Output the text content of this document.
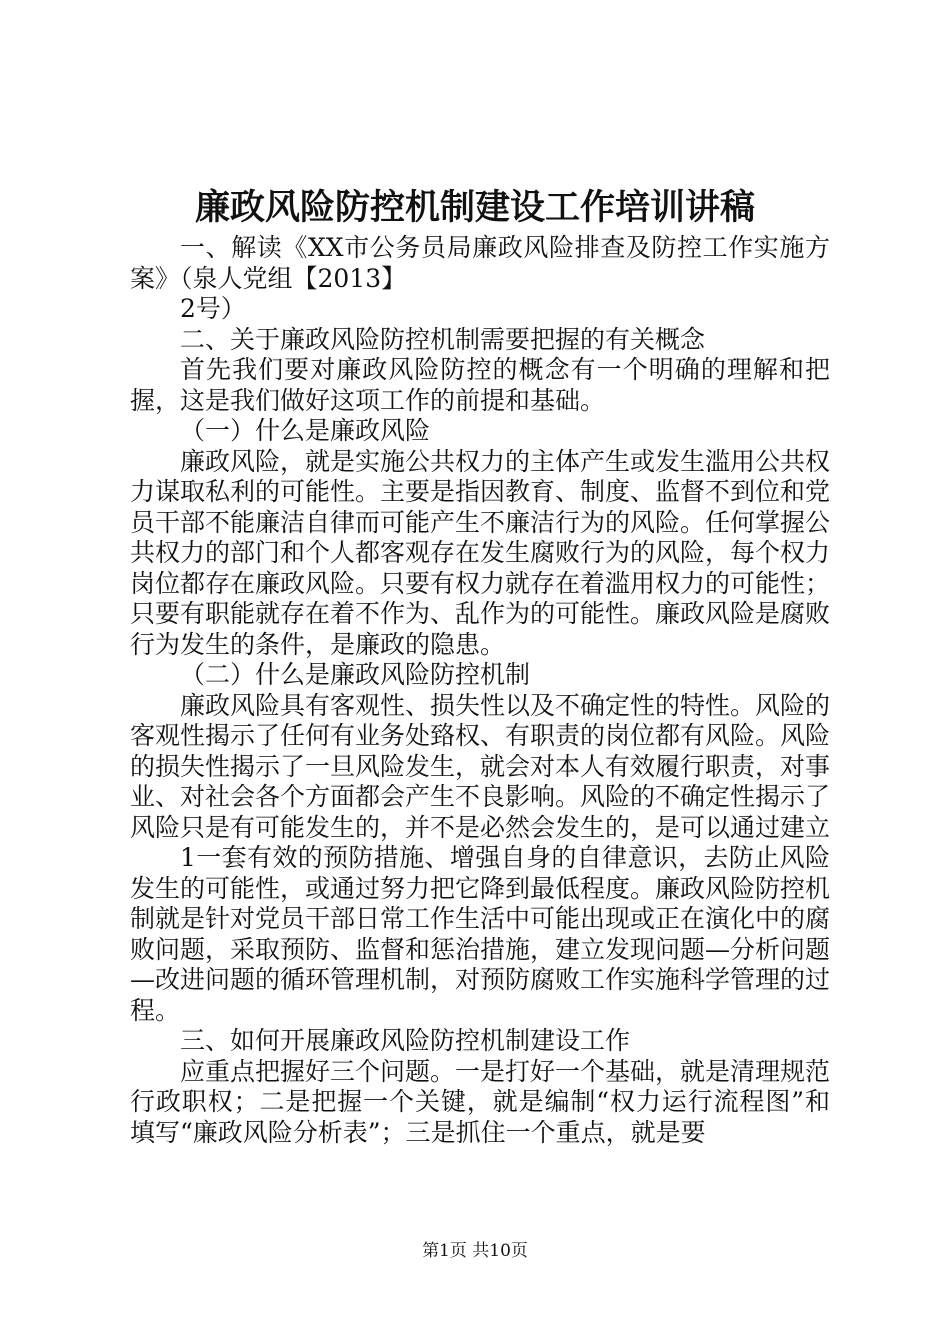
廉政风险防控机制建设工作培训讲稿

一、解读《XX市公务员局廉政风险排查及防控工作实施方案》（泉人党组【2013】

2号）

二、关于廉政风险防控机制需要把握的有关概念

首先我们要对廉政风险防控的概念有一个明确的理解和把握，这是我们做好这项工作的前提和基础。

（一）什么是廉政风险

廉政风险，就是实施公共权力的主体产生或发生滥用公共权力谋取私利的可能性。主要是指因教育、制度、监督不到位和党员干部不能廉洁自律而可能产生不廉洁行为的风险。任何掌握公共权力的部门和个人都客观存在发生腐败行为的风险，每个权力岗位都存在廉政风险。只要有权力就存在着滥用权力的可能性；只要有职能就存在着不作为、乱作为的可能性。廉政风险是腐败行为发生的条件，是廉政的隐患。

（二）什么是廉政风险防控机制

廉政风险具有客观性、损失性以及不确定性的特性。风险的客观性揭示了任何有业务处臵权、有职责的岗位都有风险。风险的损失性揭示了一旦风险发生，就会对本人有效履行职责，对事业、对社会各个方面都会产生不良影响。风险的不确定性揭示了风险只是有可能发生的，并不是必然会发生的，是可以通过建立

1一套有效的预防措施、增强自身的自律意识，去防止风险发生的可能性，或通过努力把它降到最低程度。廉政风险防控机制就是针对党员干部日常工作生活中可能出现或正在演化中的腐败问题，采取预防、监督和惩治措施，建立发现问题—分析问题—改进问题的循环管理机制，对预防腐败工作实施科学管理的过程。

三、如何开展廉政风险防控机制建设工作

应重点把握好三个问题。一是打好一个基础，就是清理规范行政职权；二是把握一个关键，就是编制“权力运行流程图”和填写“廉政风险分析表”；三是抓住一个重点，就是要

第1页 共10页
